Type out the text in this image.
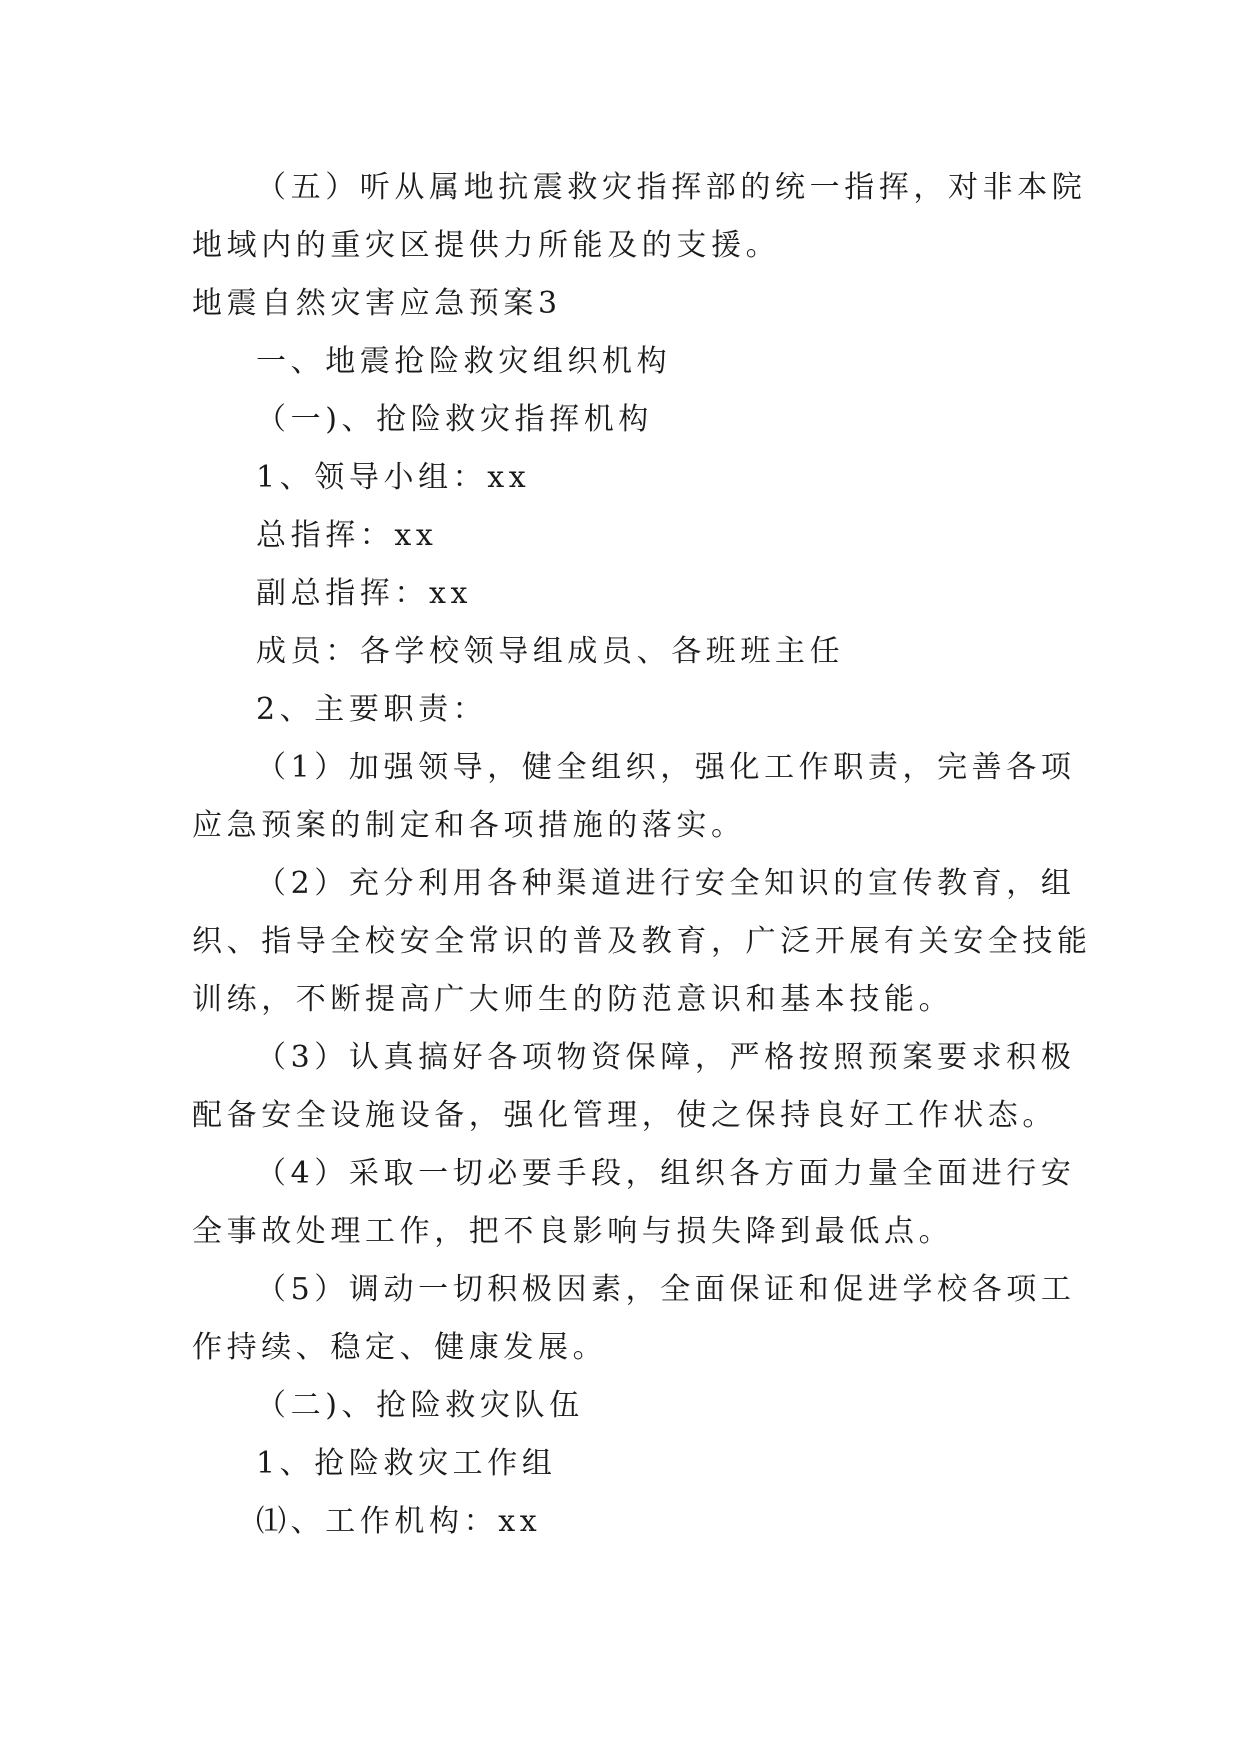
（五）听从属地抗震救灾指挥部的统一指挥，对非本院
地域内的重灾区提供力所能及的支援。
地震自然灾害应急预案3
一、地震抢险救灾组织机构
（一)、抢险救灾指挥机构
1、领导小组：xx
总指挥：xx
副总指挥：xx
成员：各学校领导组成员、各班班主任
2、主要职责：
（1）加强领导，健全组织，强化工作职责，完善各项
应急预案的制定和各项措施的落实。
（2）充分利用各种渠道进行安全知识的宣传教育，组
织、指导全校安全常识的普及教育，广泛开展有关安全技能
训练，不断提高广大师生的防范意识和基本技能。
（3）认真搞好各项物资保障，严格按照预案要求积极
配备安全设施设备，强化管理，使之保持良好工作状态。
（4）采取一切必要手段，组织各方面力量全面进行安
全事故处理工作，把不良影响与损失降到最低点。
（5）调动一切积极因素，全面保证和促进学校各项工
作持续、稳定、健康发展。
（二)、抢险救灾队伍
1、抢险救灾工作组
⑴、工作机构：xx
